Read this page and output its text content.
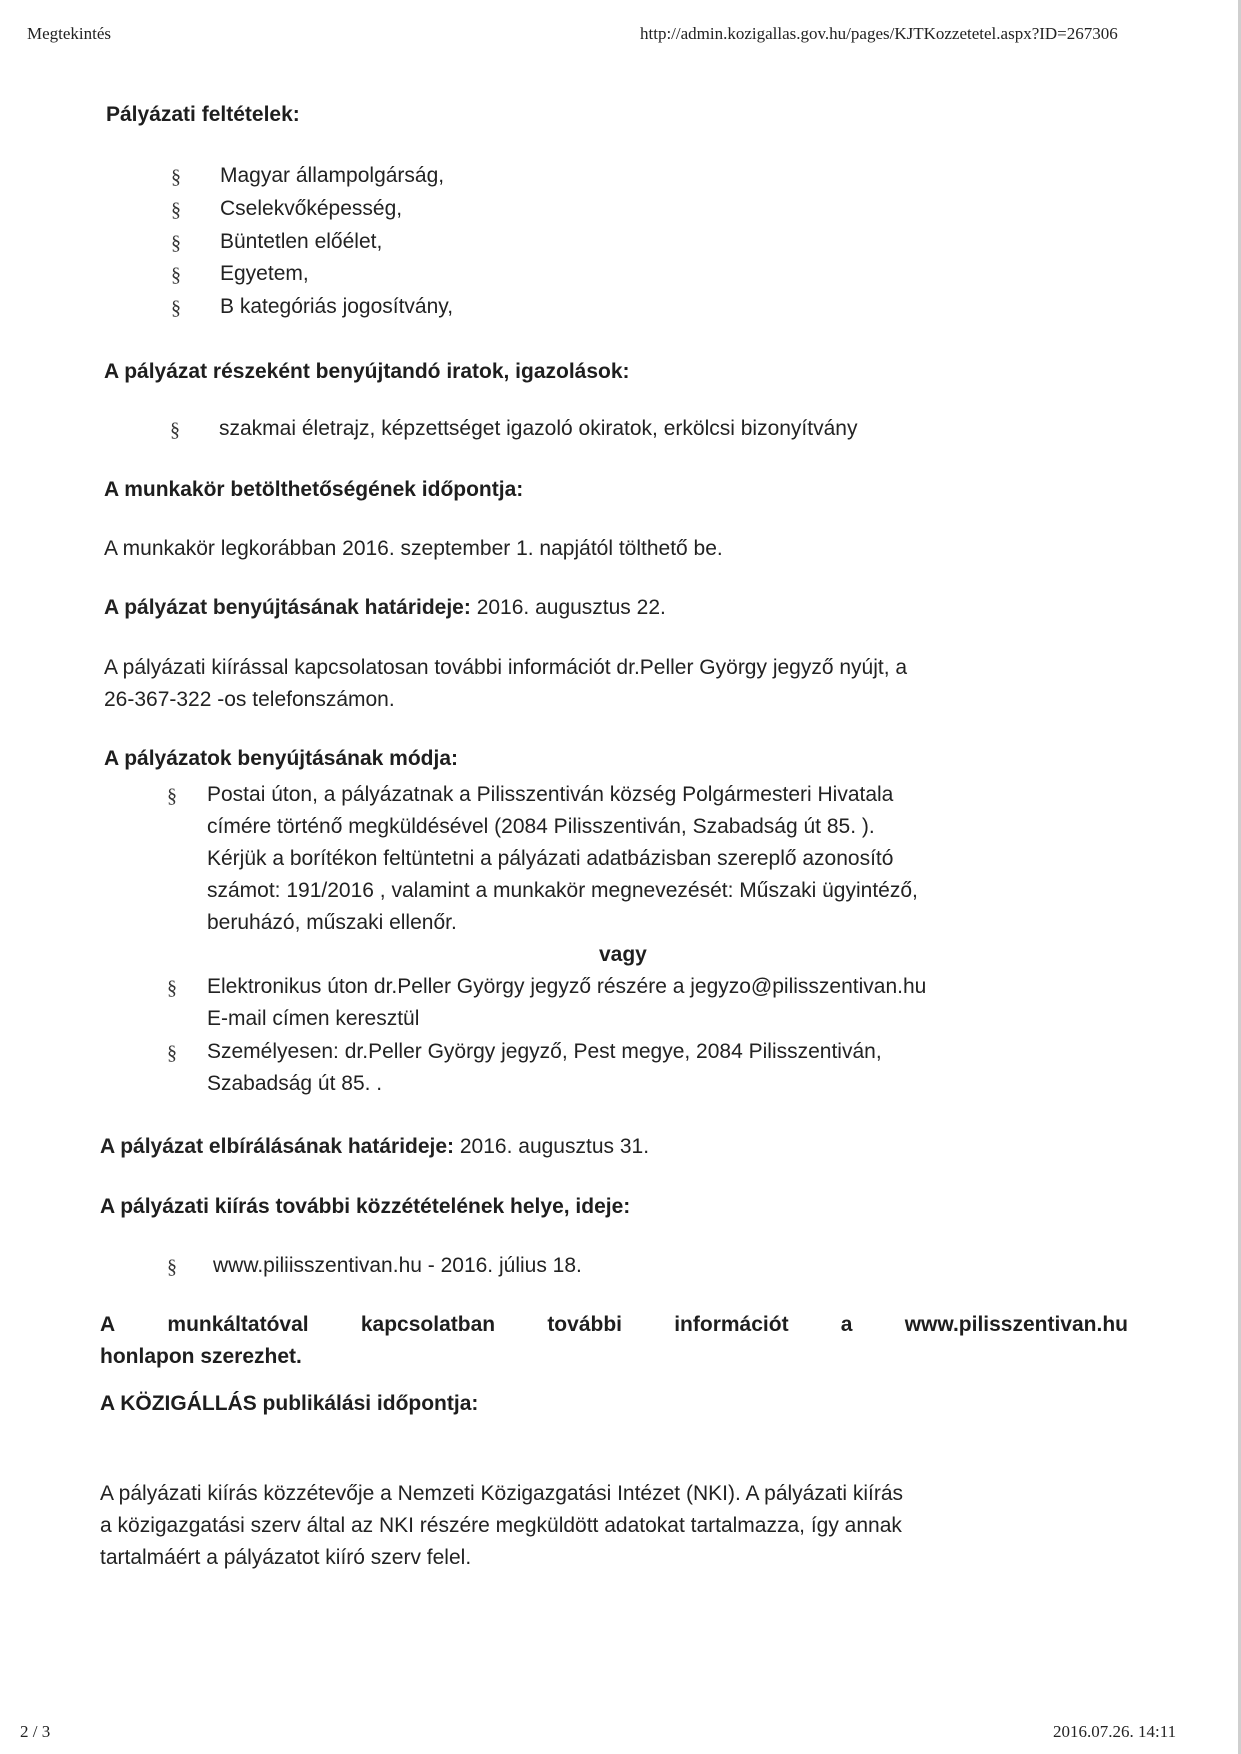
Megtekintés	http://admin.kozigallas.gov.hu/pages/KJTKozzetetel.aspx?ID=267306
Pályázati feltételek:
§ Magyar állampolgárság,
§ Cselekvőképesség,
§ Büntetlen előélet,
§ Egyetem,
§ B kategóriás jogosítvány,
A pályázat részeként benyújtandó iratok, igazolások:
§ szakmai életrajz, képzettséget igazoló okiratok, erkölcsi bizonyítvány
A munkakör betölthetőségének időpontja:
A munkakör legkorábban 2016. szeptember 1. napjától tölthető be.
A pályázat benyújtásának határideje: 2016. augusztus 22.
A pályázati kiírással kapcsolatosan további információt dr.Peller György jegyző nyújt, a
26-367-322 -os telefonszámon.
A pályázatok benyújtásának módja:
§ Postai úton, a pályázatnak a Pilisszentiván község Polgármesteri Hivatala
címére történő megküldésével (2084 Pilisszentiván, Szabadság út 85. ).
Kérjük a borítékon feltüntetni a pályázati adatbázisban szereplő azonosító
számot: 191/2016 , valamint a munkakör megnevezését: Műszaki ügyintéző,
beruházó, műszaki ellenőr.
vagy
§ Elektronikus úton dr.Peller György jegyző részére a jegyzo@pilisszentivan.hu
E-mail címen keresztül
§ Személyesen: dr.Peller György jegyző, Pest megye, 2084 Pilisszentiván,
Szabadság út 85. .
A pályázat elbírálásának határideje: 2016. augusztus 31.
A pályázati kiírás további közzétételének helye, ideje:
§ www.piliisszentivan.hu - 2016. július 18.
A munkáltatóval kapcsolatban további információt a www.pilisszentivan.hu
honlapon szerezhet.
A KÖZIGÁLLÁS publikálási időpontja:
A pályázati kiírás közzétevője a Nemzeti Közigazgatási Intézet (NKI). A pályázati kiírás
a közigazgatási szerv által az NKI részére megküldött adatokat tartalmazza, így annak
tartalmáért a pályázatot kiíró szerv felel.
2 / 3	2016.07.26. 14:11
